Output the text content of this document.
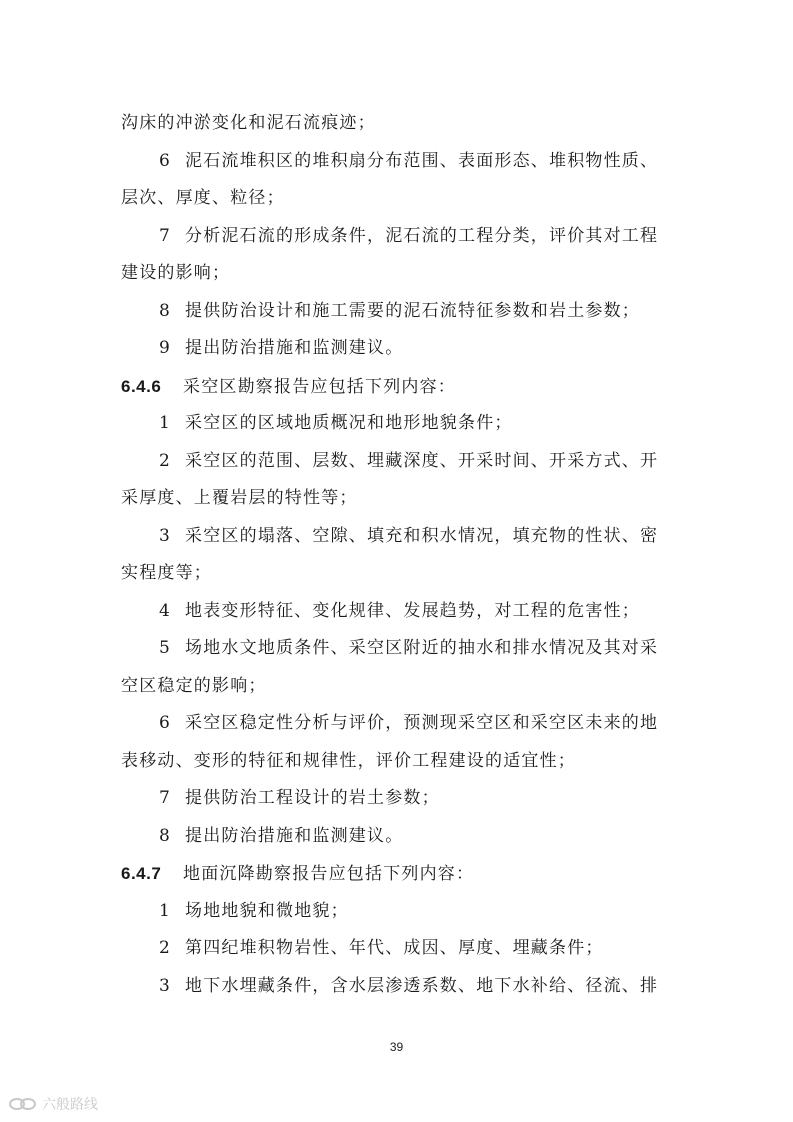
沟床的冲淤变化和泥石流痕迹；
6 泥石流堆积区的堆积扇分布范围、表面形态、堆积物性质、
层次、厚度、粒径；
7 分析泥石流的形成条件，泥石流的工程分类，评价其对工程
建设的影响；
8 提供防治设计和施工需要的泥石流特征参数和岩土参数；
9 提出防治措施和监测建议。
6.4.6 采空区勘察报告应包括下列内容：
1 采空区的区域地质概况和地形地貌条件；
2 采空区的范围、层数、埋藏深度、开采时间、开采方式、开
采厚度、上覆岩层的特性等；
3 采空区的塌落、空隙、填充和积水情况，填充物的性状、密
实程度等；
4 地表变形特征、变化规律、发展趋势，对工程的危害性；
5 场地水文地质条件、采空区附近的抽水和排水情况及其对采
空区稳定的影响；
6 采空区稳定性分析与评价，预测现采空区和采空区未来的地
表移动、变形的特征和规律性，评价工程建设的适宜性；
7 提供防治工程设计的岩土参数；
8 提出防治措施和监测建议。
6.4.7 地面沉降勘察报告应包括下列内容：
1 场地地貌和微地貌；
2 第四纪堆积物岩性、年代、成因、厚度、埋藏条件；
3 地下水埋藏条件，含水层渗透系数、地下水补给、径流、排
39
六般路线
